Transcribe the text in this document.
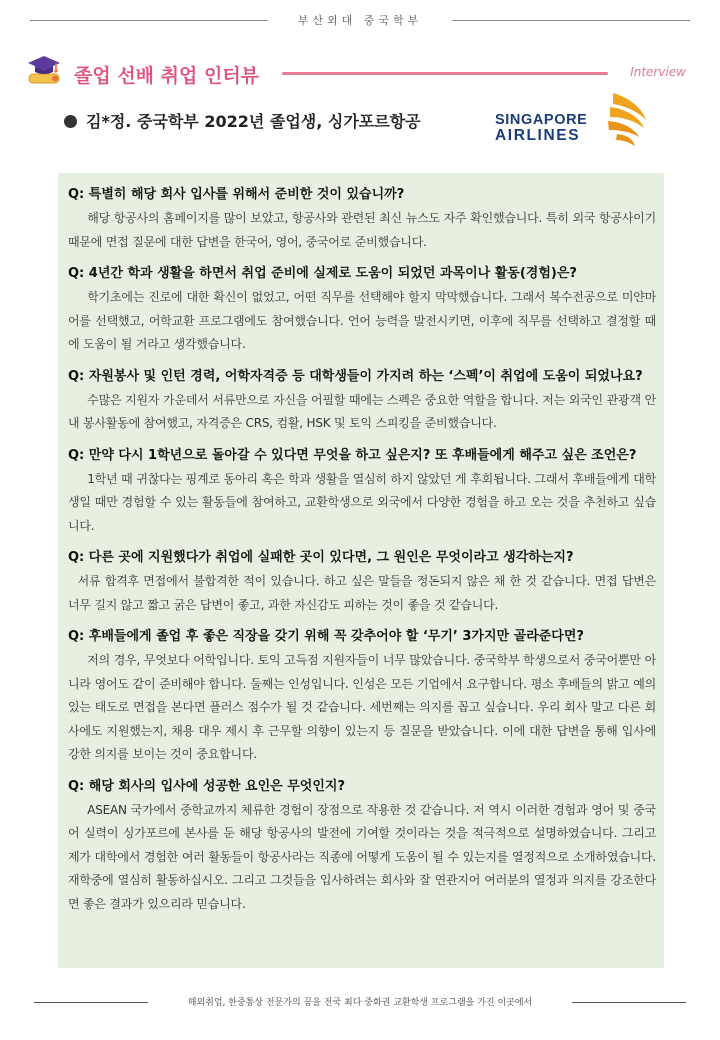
부산외대 중국학부
졸업 선배 취업 인터뷰	Interview
김*정. 중국학부 2022년 졸업생, 싱가포르항공	SINGAPORE
AIRLINES
Q: 특별히 해당 회사 입사를 위해서 준비한 것이 있습니까?
해당 항공사의 홈페이지를 많이 보았고, 항공사와 관련된 최신 뉴스도 자주 확인했습니다. 특히 외국 항공사이기 때문에 면접 질문에 대한 답변을 한국어, 영어, 중국어로 준비했습니다.
Q: 4년간 학과 생활을 하면서 취업 준비에 실제로 도움이 되었던 과목이나 활동(경험)은?
학기초에는 진로에 대한 확신이 없었고, 어떤 직무를 선택해야 할지 막막했습니다. 그래서 복수전공으로 미얀마어를 선택했고, 어학교환 프로그램에도 참여했습니다. 언어 능력을 발전시키면, 이후에 직무를 선택하고 결정할 때에 도움이 될 거라고 생각했습니다.
Q: 자원봉사 및 인턴 경력, 어학자격증 등 대학생들이 가지려 하는 ‘스펙’이 취업에 도움이 되었나요?
수많은 지원자 가운데서 서류만으로 자신을 어필할 때에는 스펙은 중요한 역할을 합니다. 저는 외국인 관광객 안내 봉사활동에 참여했고, 자격증은 CRS, 컴활, HSK 및 토익 스피킹을 준비했습니다.
Q: 만약 다시 1학년으로 돌아갈 수 있다면 무엇을 하고 싶은지? 또 후배들에게 해주고 싶은 조언은?
1학년 때 귀찮다는 핑계로 동아리 혹은 학과 생활을 열심히 하지 않았던 게 후회됩니다. 그래서 후배들에게 대학생일 때만 경험할 수 있는 활동들에 참여하고, 교환학생으로 외국에서 다양한 경험을 하고 오는 것을 추천하고 싶습니다.
Q: 다른 곳에 지원했다가 취업에 실패한 곳이 있다면, 그 원인은 무엇이라고 생각하는지?
서류 합격후 면접에서 불합격한 적이 있습니다. 하고 싶은 말들을 정돈되지 않은 채 한 것 같습니다. 면접 답변은 너무 길지 않고 짧고 굵은 답변이 좋고, 과한 자신감도 피하는 것이 좋을 것 같습니다.
Q: 후배들에게 졸업 후 좋은 직장을 갖기 위해 꼭 갖추어야 할 ‘무기’ 3가지만 골라준다면?
저의 경우, 무엇보다 어학입니다. 토익 고득점 지원자들이 너무 많았습니다. 중국학부 학생으로서 중국어뿐만 아니라 영어도 같이 준비해야 합니다. 둘째는 인성입니다. 인성은 모든 기업에서 요구합니다. 평소 후배들의 밝고 예의 있는 태도로 면접을 본다면 플러스 점수가 될 것 같습니다. 세번째는 의지를 꼽고 싶습니다. 우리 회사 말고 다른 회사에도 지원했는지, 채용 대우 제시 후 근무할 의향이 있는지 등 질문을 받았습니다. 이에 대한 답변을 통해 입사에 강한 의지를 보이는 것이 중요합니다.
Q: 해당 회사의 입사에 성공한 요인은 무엇인지?
ASEAN 국가에서 중학교까지 체류한 경험이 장점으로 작용한 것 같습니다. 저 역시 이러한 경험과 영어 및 중국어 실력이 싱가포르에 본사를 둔 해당 항공사의 발전에 기여할 것이라는 것을 적극적으로 설명하였습니다. 그리고 제가 대학에서 경험한 여러 활동들이 항공사라는 직종에 어떻게 도움이 될 수 있는지를 열정적으로 소개하였습니다. 재학중에 열심히 활동하십시오. 그리고 그것들을 입사하려는 회사와 잘 연관지어 여러분의 열정과 의지를 강조한다면 좋은 결과가 있으리라 믿습니다.
해외취업, 한중통상 전문가의 꿈을 전국 최다 중화권 교환학생 프로그램을 가진 이곳에서
